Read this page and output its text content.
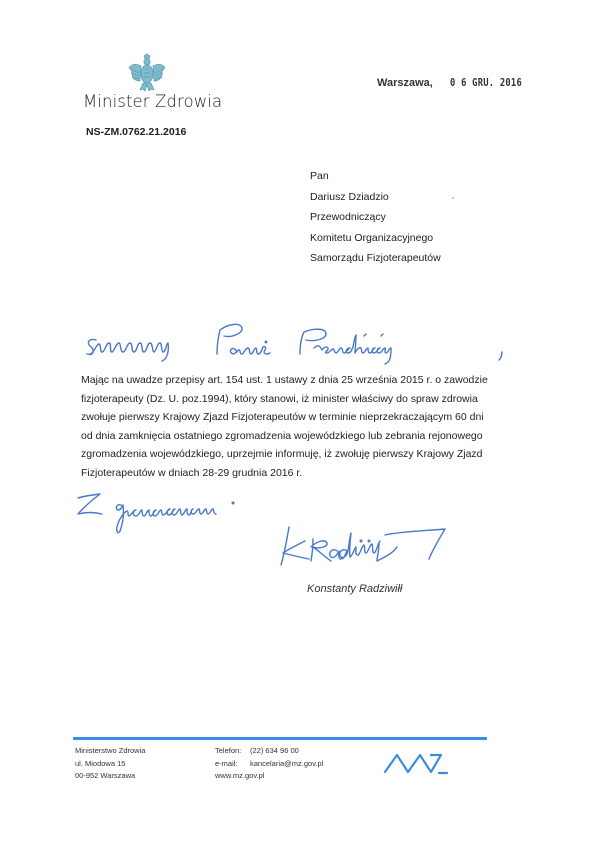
Minister Zdrowia
NS-ZM.0762.21.2016
Warszawa, 0 6 GRU. 2016
Pan
Dariusz Dziadzio
Przewodniczący
Komitetu Organizacyjnego
Samorządu Fizjoterapeutów

Mając na uwadze przepisy art. 154 ust. 1 ustawy z dnia 25 września 2015 r. o zawodzie

fizjoterapeuty (Dz. U. poz.1994), który stanowi, iż minister właściwy do spraw zdrowia

zwołuje pierwszy Krajowy Zjazd Fizjoterapeutów w terminie nieprzekraczającym 60 dni

od dnia zamknięcia ostatniego zgromadzenia wojewódzkiego lub zebrania rejonowego

zgromadzenia wojewódzkiego, uprzejmie informuję, iż zwołuję pierwszy Krajowy Zjazd

Fizjoterapeutów w dniach 28-29 grudnia 2016 r.

Konstanty Radziwiłł
Ministerstwo Zdrowia
ul. Miodowa 15
00-952 Warszawa
Telefon:	(22) 634 96 00
e-mail:	kancelaria@mz.gov.pl
www.mz.gov.pl
